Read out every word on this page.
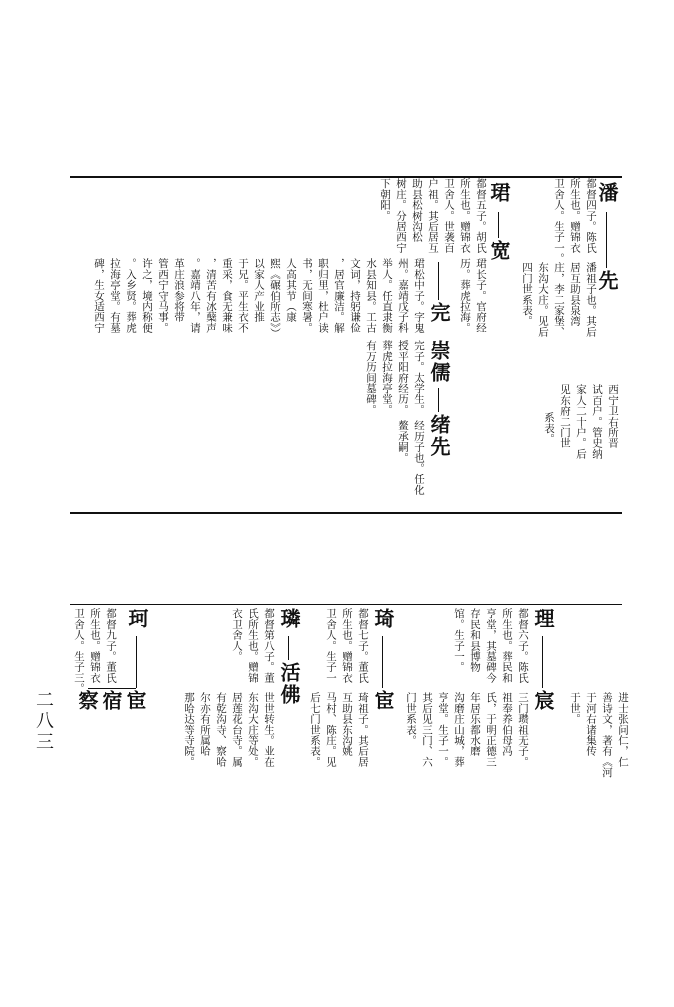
潘
先
都督四子。陈氏
所生也。赠锦衣
卫舍人。生子一。
潘祖子也。其后
居互助县泉湾
庄，李二家堡、
东沟大庄。见后
四门世系表。
西宁卫右所晋
试百户。管史纳
家人二十户。后
见东府二门世
系表。
珺
都督五子。胡氏
所生也。赠锦衣
卫舍人。世袭百
户祖。其后居互
助县松树沟松
树庄。分居西宁
下朝阳。
宽
珺长子。官府经
历。葬虎拉海。
完
珺松中子。字鬼
州。嘉靖戊子科
举人。任直隶衡
水县知县。工古
文词，持躬谦俭
，居官廉洁。解
职归里，杜户读
书，无间寒暑。
人高其节（康
熙《碾伯所志》）
以家人产业推
于兄。平生衣不
重采，食无兼味
，清苦有冰蘖声
。嘉靖八年，请
革庄浪参将带
管西宁守马事。
许之，境内称便
。入乡贤。葬虎
拉海亭堂。有墓
碑，生女适西宁
崇儒
完子。太学生。
授平阳府经历。
葬虎拉海亭堂。
有万历间墓碑。
绪先
经历子也。任化
鳌承嗣。
理
宸
都督六子。陈氏
所生也。葬民和
亨堂，其墓碑今
存民和县博物
馆。生子一。
三门瓒祖无子。
祖奉养伯母冯
氏，于明正德三
年居乐都水磨
沟磨庄山城，葬
亨堂。生子一。
其后见三门、六
门世系表。	进士张问仁，仁
善诗文，著有《河
于河右诸集传
于世。
琦
宦
都督七子。董氏
所生也。赠锦衣
卫舍人。生子一
琦祖子。其后居
互助县东沟姚
马村、陈庄。见
后七门世系表。
璘
活佛
都督第八子。董
氏所生也。赠锦
衣卫舍人。
世世转生。业在
东沟大庄等处。
居莲花台寺。属
有乾沟寺、察哈
尔亦有所属哈
那哈达等寺院。
珂
宦
宿
察
都督九子。董氏
所生也。赠锦衣
卫舍人。生子三。
二八三
